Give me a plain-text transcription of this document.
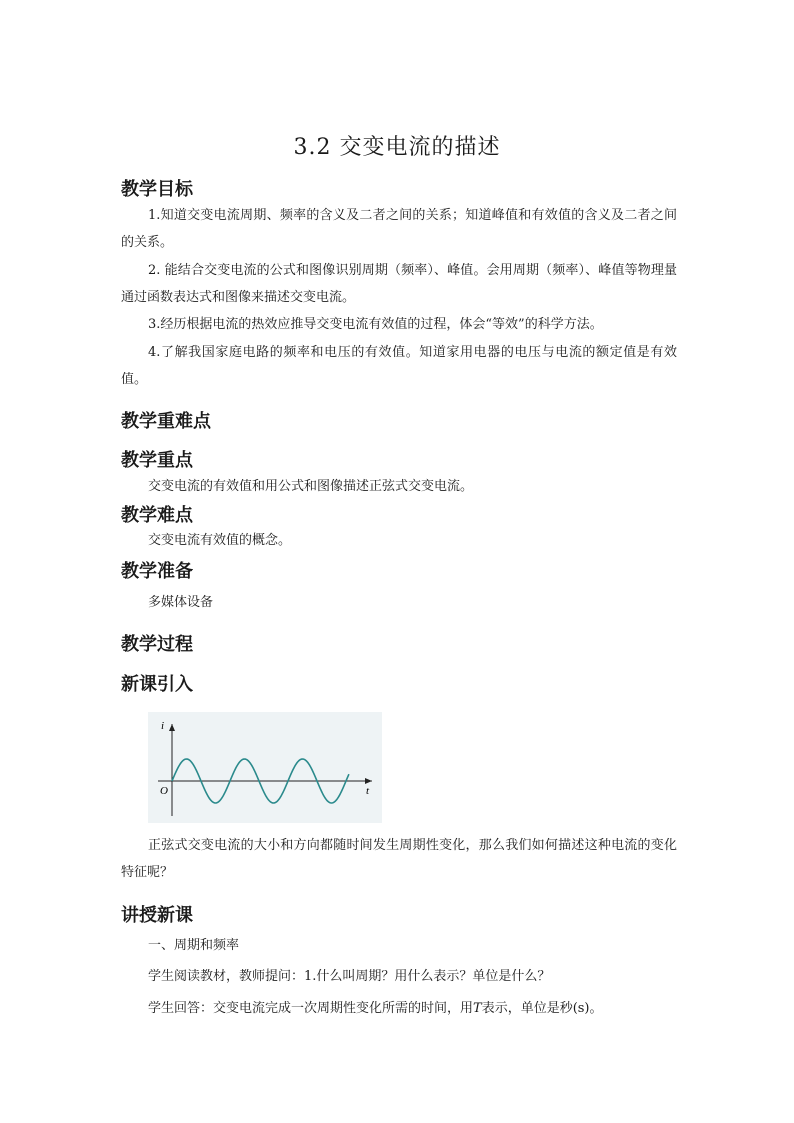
3.2 交变电流的描述
教学目标
1.知道交变电流周期、频率的含义及二者之间的关系；知道峰值和有效值的含义及二者之间的关系。
2. 能结合交变电流的公式和图像识别周期（频率）、峰值。会用周期（频率）、峰值等物理量通过函数表达式和图像来描述交变电流。
3.经历根据电流的热效应推导交变电流有效值的过程，体会“等效”的科学方法。
4.了解我国家庭电路的频率和电压的有效值。知道家用电器的电压与电流的额定值是有效值。
教学重难点
教学重点
交变电流的有效值和用公式和图像描述正弦式交变电流。
教学难点
交变电流有效值的概念。
教学准备
多媒体设备
教学过程
新课引入
i
t
O
正弦式交变电流的大小和方向都随时间发生周期性变化，那么我们如何描述这种电流的变化特征呢？
讲授新课
一、周期和频率
学生阅读教材，教师提问：1.什么叫周期？用什么表示？单位是什么？
学生回答：交变电流完成一次周期性变化所需的时间，用T表示，单位是秒(s)。
